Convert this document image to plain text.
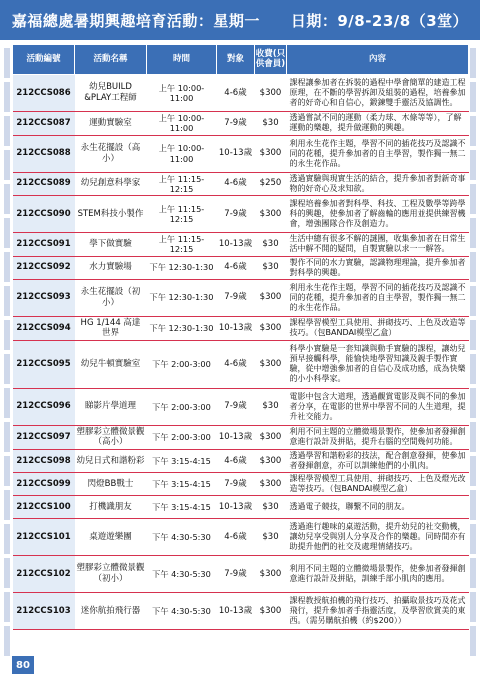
嘉福總處暑期興趣培育活動：星期一　　日期：9/8-23/8（3堂）
活動編號	活動名稱	時間	對象	收費(只供會員)	內容
212CCS086	幼兒BUILD &PLAY工程師	上午 10:00-11:00	4-6歲	$300	課程讓參加者在拆裝的過程中學會簡單的建造工程原理，在不斷的學習拆卸及組裝的過程，培養參加者的好奇心和自信心，鍛鍊雙手靈活及協調性。
212CCS087	運動實驗室	上午 10:00-11:00	7-9歲	$30	透過嘗試不同的運動（柔力球、木條等等），了解運動的樂趣，提升做運動的興趣。
212CCS088	永生花擺設（高小）	上午 10:00-11:00	10-13歲	$300	利用永生花作主題，學習不同的插花技巧及認識不同的花種，提升參加者的自主學習，製作獨一無二的永生花作品。
212CCS089	幼兒創意科學家	上午 11:15-12:15	4-6歲	$250	透過實驗與現實生活的結合，提升參加者對新奇事物的好奇心及求知欲。
212CCS090	STEM科技小製作	上午 11:15-12:15	7-9歲	$300	課程培養參加者對科學、科技、工程及數學等跨學科的興趣，使參加者了解齒輪的應用並提供練習機會，增強團隊合作及創造力。
212CCS091	學下做實驗	上午 11:15-12:15	10-13歲	$30	生活中總有很多不解的謎團，收集參加者在日常生活中解不開的疑問，自製實驗以求一一解答。
212CCS092	水力實驗場	下午 12:30-1:30	4-6歲	$30	製作不同的水力實驗，認識物理理論，提升參加者對科學的興趣。
212CCS093	永生花擺設（初小）	下午 12:30-1:30	7-9歲	$300	利用永生花作主題，學習不同的插花技巧及認識不同的花種，提升參加者的自主學習，製作獨一無二的永生花作品。
212CCS094	HG 1/144 高達世界	下午 12:30-1:30	10-13歲	$300	課程學習模型工具使用、拼砌技巧、上色及改造等技巧。（包BANDAI模型乙盒）
212CCS095	幼兒牛頓實驗室	下午 2:00-3:00	4-6歲	$300	科學小實驗是一套知識與動手實驗的課程，讓幼兒預早接觸科學，能愉快地學習知識及親手製作實驗，從中增強參加者的自信心及成功感，成為快樂的小小科學家。
212CCS096	睇影片學道理	下午 2:00-3:00	7-9歲	$30	電影中包含大道理，透過觀賞電影及與不同的參加者分享，在電影的世界中學習不同的人生道理，提升社交能力。
212CCS097	塑膠彩立體微景觀（高小）	下午 2:00-3:00	10-13歲	$300	利用不同主題的立體微場景製作，使參加者發揮創意進行設計及拼貼，提升右腦的空間幾何功能。
212CCS098	幼兒日式和諧粉彩	下午 3:15-4:15	4-6歲	$300	透過學習和諧粉彩的技法，配合創意發揮，使參加者發揮創意，亦可以訓練他們的小肌肉。
212CCS099	閃燈BB戰士	下午 3:15-4:15	7-9歲	$300	課程學習模型工具使用、拼砌技巧、上色及燈光改造等技巧。（包BANDAI模型乙盒）
212CCS100	打機識朋友	下午 3:15-4:15	10-13歲	$30	透過電子競技，聯繫不同的朋友。
212CCS101	桌遊遊樂團	下午 4:30-5:30	4-6歲	$30	透過進行趣味的桌遊活動，提升幼兒的社交動機，讓幼兒享受與別人分享及合作的樂趣。同時間亦有助提升他們的社交及處理情緒技巧。
212CCS102	塑膠彩立體微景觀（初小）	下午 4:30-5:30	7-9歲	$300	利用不同主題的立體微場景製作，使參加者發揮創意進行設計及拼貼，訓練手部小肌肉的應用。
212CCS103	迷你航拍飛行器	下午 4:30-5:30	10-13歲	$300	課程教授航拍機的飛行技巧、拍攝取景技巧及花式飛行，提升參加者手指靈活度，及學習欣賞美的東西。（需另購航拍機（約$200））
80
